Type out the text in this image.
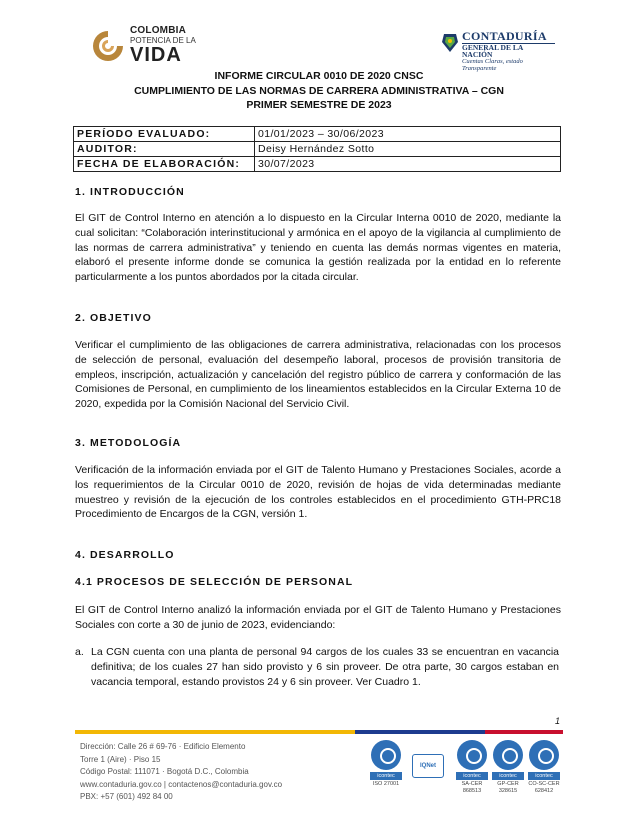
COLOMBIA
POTENCIA DE LA
VIDA
CONTADURÍA
GENERAL DE LA NACIÓN
Cuentas Claras, estado Transparente
INFORME CIRCULAR 0010 DE 2020 CNSC
CUMPLIMIENTO DE LAS NORMAS DE CARRERA ADMINISTRATIVA – CGN
PRIMER SEMESTRE DE 2023
PERÍODO EVALUADO:	01/01/2023 – 30/06/2023
AUDITOR:	Deisy Hernández Sotto
FECHA DE ELABORACIÓN:	30/07/2023
1. INTRODUCCIÓN
El GIT de Control Interno en atención a lo dispuesto en la Circular Interna 0010 de 2020, mediante la cual solicitan: “Colaboración interinstitucional y armónica en el apoyo de la vigilancia al cumplimiento de las normas de carrera administrativa” y teniendo en cuenta las demás normas vigentes en materia, elaboró el presente informe donde se comunica la gestión realizada por la entidad en lo referente particularmente a los puntos abordados por la citada circular.
2. OBJETIVO
Verificar el cumplimiento de las obligaciones de carrera administrativa, relacionadas con los procesos de selección de personal, evaluación del desempeño laboral, procesos de provisión transitoria de empleos, inscripción, actualización y cancelación del registro público de carrera y conformación de las Comisiones de Personal, en cumplimiento de los lineamientos establecidos en la Circular Externa 10 de 2020, expedida por la Comisión Nacional del Servicio Civil.
3. METODOLOGÍA
Verificación de la información enviada por el GIT de Talento Humano y Prestaciones Sociales, acorde a los requerimientos de la Circular 0010 de 2020, revisión de hojas de vida determinadas mediante muestreo y revisión de la ejecución de los controles establecidos en el procedimiento GTH-PRC18 Procedimiento de Encargos de la CGN, versión 1.
4. DESARROLLO
4.1 PROCESOS DE SELECCIÓN DE PERSONAL
El GIT de Control Interno analizó la información enviada por el GIT de Talento Humano y Prestaciones Sociales con corte a 30 de junio de 2023, evidenciando:
a. La CGN cuenta con una planta de personal 94 cargos de los cuales 33 se encuentran en vacancia definitiva; de los cuales 27 han sido provisto y 6 sin proveer. De otra parte, 30 cargos estaban en vacancia temporal, estando provistos 24 y 6 sin proveer. Ver Cuadro 1.
1
Dirección: Calle 26 # 69-76 · Edificio Elemento
Torre 1 (Aire) · Piso 15
Código Postal: 111071 · Bogotá D.C., Colombia
www.contaduria.gov.co | contactenos@contaduria.gov.co
PBX: +57 (601) 492 84 00
icontec
ISO 27001
IQNet
icontec
SA-CER 868513
icontec
GP-CER 328615
icontec
CO-SC-CER 628412
